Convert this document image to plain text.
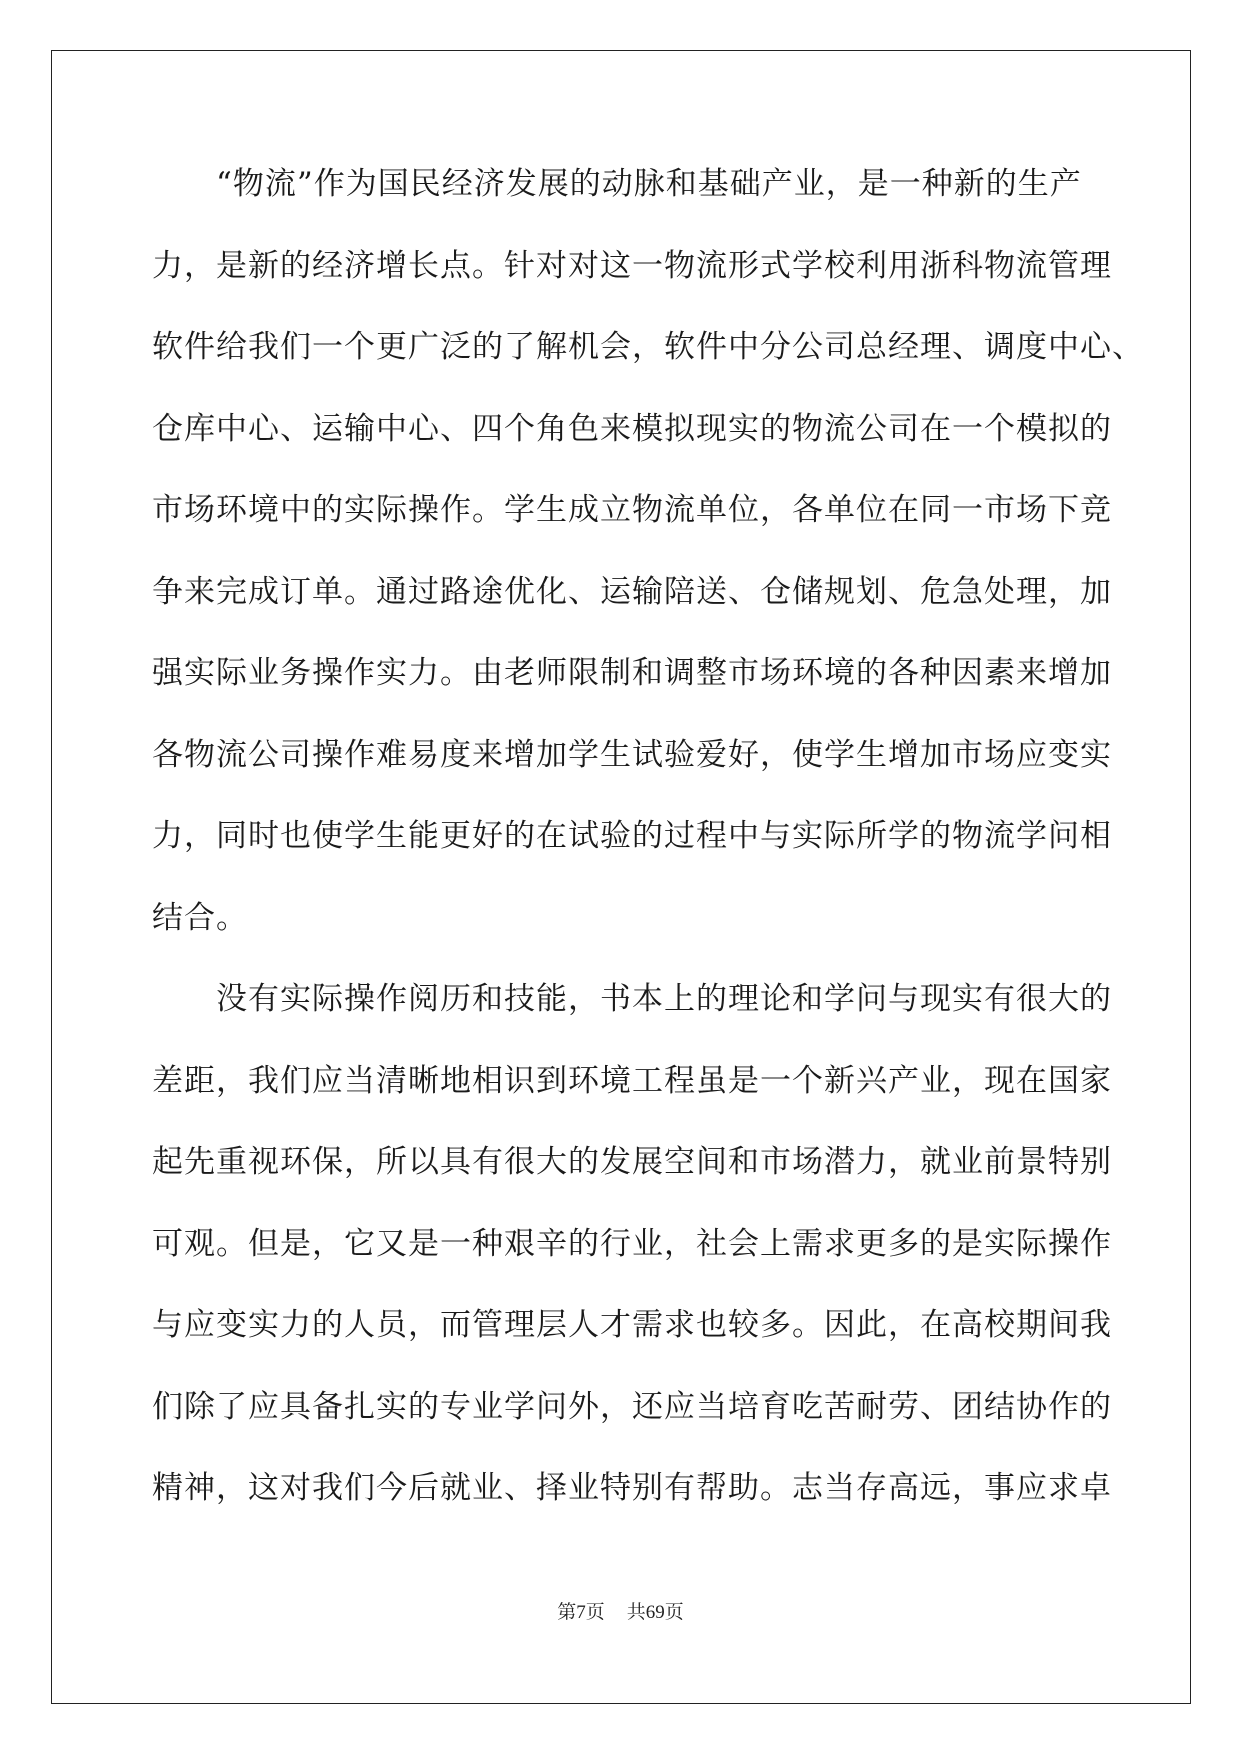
　　“物流”作为国民经济发展的动脉和基础产业，是一种新的生产
力，是新的经济增长点。针对对这一物流形式学校利用浙科物流管理
软件给我们一个更广泛的了解机会，软件中分公司总经理、调度中心、
仓库中心、运输中心、四个角色来模拟现实的物流公司在一个模拟的
市场环境中的实际操作。学生成立物流单位，各单位在同一市场下竞
争来完成订单。通过路途优化、运输陪送、仓储规划、危急处理，加
强实际业务操作实力。由老师限制和调整市场环境的各种因素来增加
各物流公司操作难易度来增加学生试验爱好，使学生增加市场应变实
力，同时也使学生能更好的在试验的过程中与实际所学的物流学问相
结合。
　　没有实际操作阅历和技能，书本上的理论和学问与现实有很大的
差距，我们应当清晰地相识到环境工程虽是一个新兴产业，现在国家
起先重视环保，所以具有很大的发展空间和市场潜力，就业前景特别
可观。但是，它又是一种艰辛的行业，社会上需求更多的是实际操作
与应变实力的人员，而管理层人才需求也较多。因此，在高校期间我
们除了应具备扎实的专业学问外，还应当培育吃苦耐劳、团结协作的
精神，这对我们今后就业、择业特别有帮助。志当存高远，事应求卓
第7页 共69页
